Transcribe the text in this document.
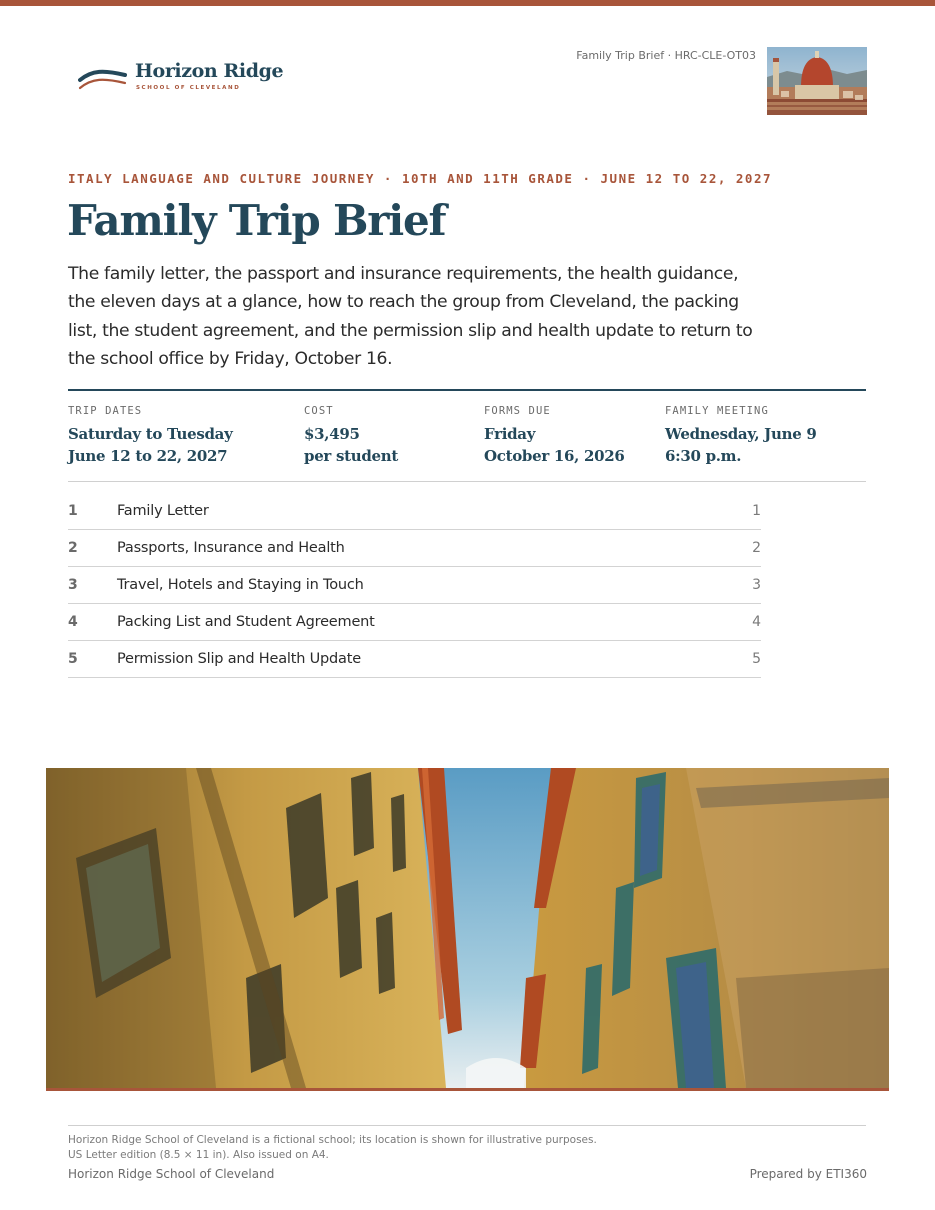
Horizon Ridge
SCHOOL OF CLEVELAND
Family Trip Brief · HRC-CLE-OT03
ITALY LANGUAGE AND CULTURE JOURNEY · 10TH AND 11TH GRADE · JUNE 12 TO 22, 2027
Family Trip Brief

The family letter, the passport and insurance requirements, the health guidance, the eleven days at a glance, how to reach the group from Cleveland, the packing list, the student agreement, and the permission slip and health update to return to the school office by Friday, October 16.

TRIP DATES
Saturday to Tuesday
June 12 to 22, 2027
COST
$3,495
per student
FORMS DUE
Friday
October 16, 2026
FAMILY MEETING
Wednesday, June 9
6:30 p.m.
1	Family Letter	1
2	Passports, Insurance and Health	2
3	Travel, Hotels and Staying in Touch	3
4	Packing List and Student Agreement	4
5	Permission Slip and Health Update	5
Horizon Ridge School of Cleveland is a fictional school; its location is shown for illustrative purposes.
US Letter edition (8.5 × 11 in). Also issued on A4.
Horizon Ridge School of Cleveland	Prepared by ETI360
